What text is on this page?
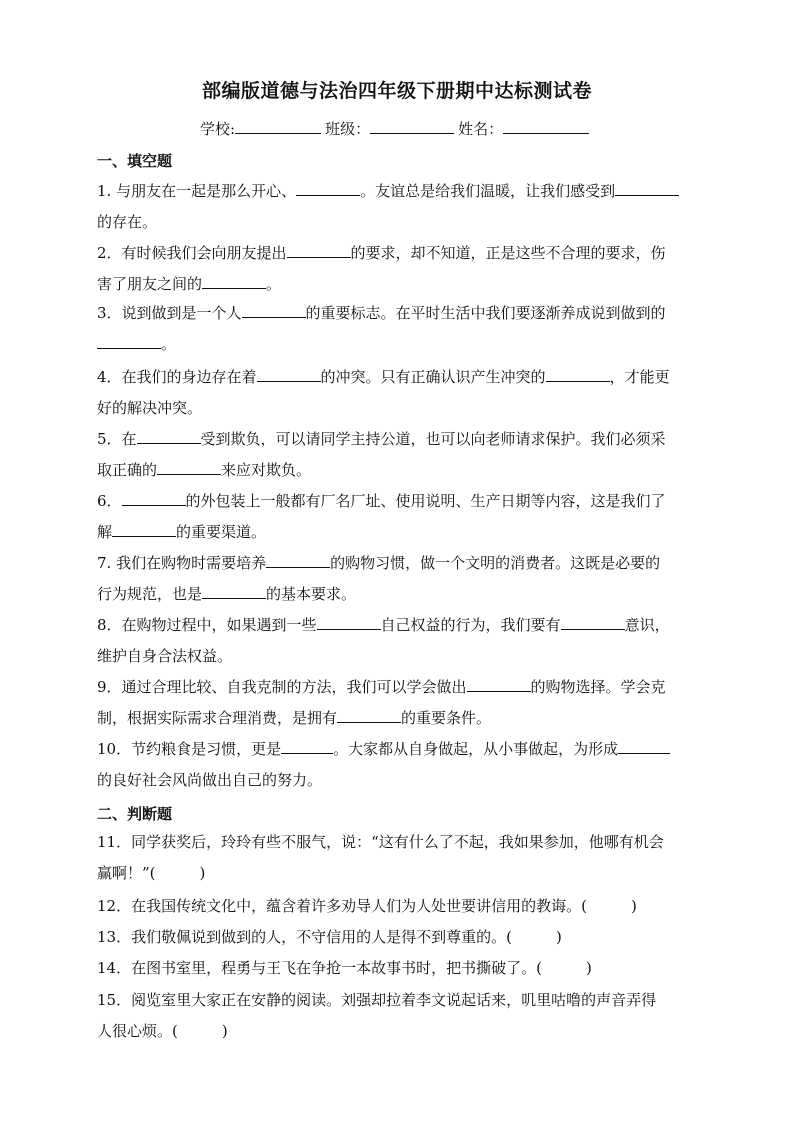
部编版道德与法治四年级下册期中达标测试卷
学校:	班级：	姓名：
一、填空题
1. 与朋友在一起是那么开心、	。友谊总是给我们温暖，让我们感受到
的存在。
2．有时候我们会向朋友提出	的要求，却不知道，正是这些不合理的要求，伤
害了朋友之间的	。
3．说到做到是一个人	的重要标志。在平时生活中我们要逐渐养成说到做到的
。
4．在我们的身边存在着	的冲突。只有正确认识产生冲突的	，才能更
好的解决冲突。
5．在	受到欺负，可以请同学主持公道，也可以向老师请求保护。我们必须采
取正确的	来应对欺负。
6．	的外包装上一般都有厂名厂址、使用说明、生产日期等内容，这是我们了
解	的重要渠道。
7. 我们在购物时需要培养	的购物习惯，做一个文明的消费者。这既是必要的
行为规范，也是	的基本要求。
8．在购物过程中，如果遇到一些	自己权益的行为，我们要有	意识，
维护自身合法权益。
9．通过合理比较、自我克制的方法，我们可以学会做出	的购物选择。学会克
制，根据实际需求合理消费，是拥有	的重要条件。
10．节约粮食是习惯，更是	。大家都从自身做起，从小事做起，为形成
的良好社会风尚做出自己的努力。
二、判断题
11．同学获奖后，玲玲有些不服气，说：“这有什么了不起，我如果参加，他哪有机会
赢啊！”(	)
12．在我国传统文化中，蕴含着许多劝导人们为人处世要讲信用的教诲。(	)
13．我们敬佩说到做到的人，不守信用的人是得不到尊重的。(	)
14．在图书室里，程勇与王飞在争抢一本故事书时，把书撕破了。(	)
15．阅览室里大家正在安静的阅读。刘强却拉着李文说起话来，叽里咕噜的声音弄得
人很心烦。(	)
